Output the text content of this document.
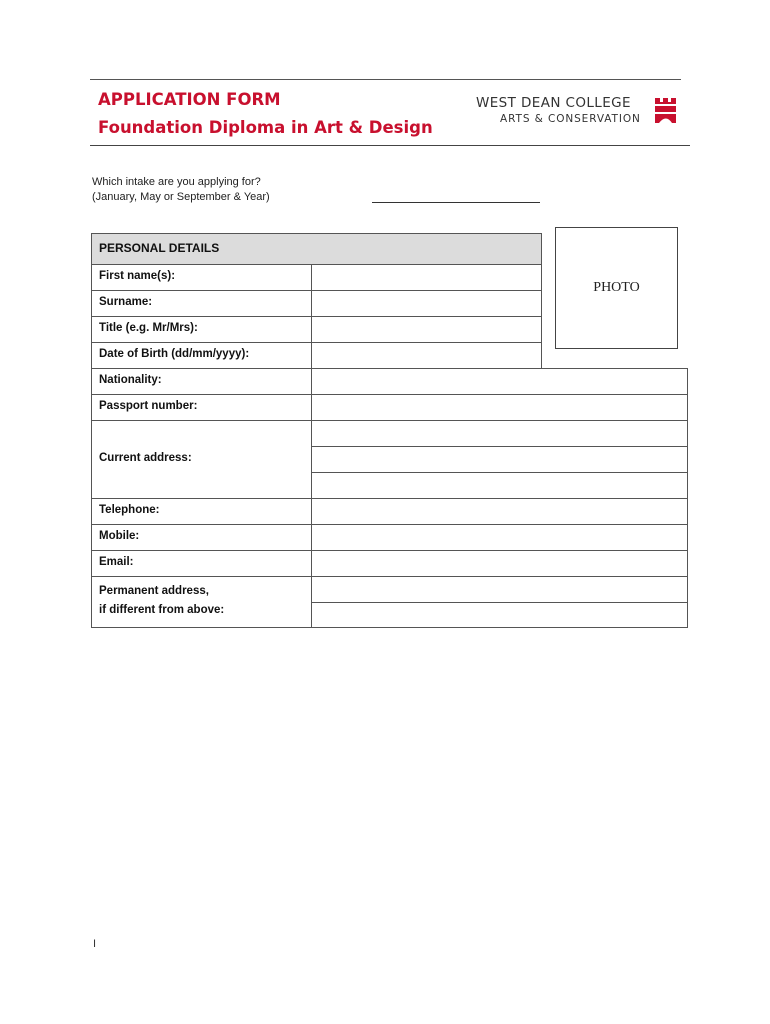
APPLICATION FORM
Foundation Diploma in Art & Design
WEST DEAN COLLEGE
ARTS & CONSERVATION
Which intake are you applying for?
(January, May or September & Year)
PERSONAL DETAILS
PHOTO
First name(s):
Surname:
Title (e.g. Mr/Mrs):
Date of Birth (dd/mm/yyyy):
Nationality:
Passport number:
Current address:
Telephone:
Mobile:
Email:
Permanent address,
if different from above:
I
